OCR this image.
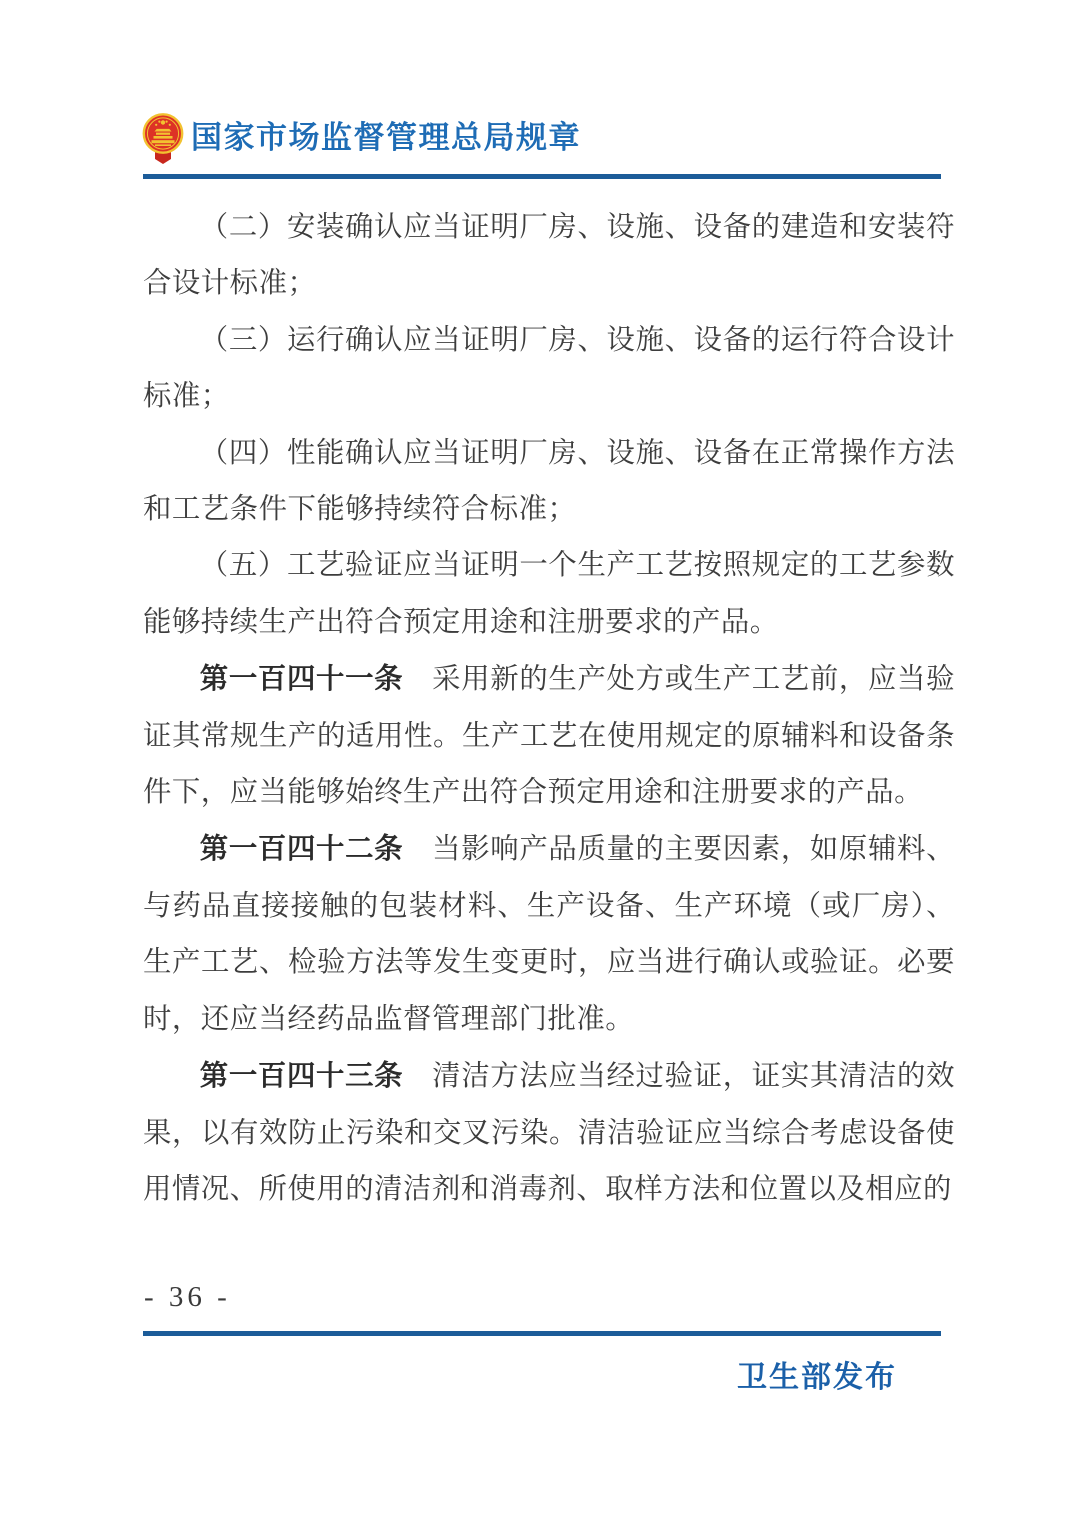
国家市场监督管理总局规章

（二）安装确认应当证明厂房、设施、设备的建造和安装符合设计标准；

（三）运行确认应当证明厂房、设施、设备的运行符合设计标准；

（四）性能确认应当证明厂房、设施、设备在正常操作方法和工艺条件下能够持续符合标准；

（五）工艺验证应当证明一个生产工艺按照规定的工艺参数能够持续生产出符合预定用途和注册要求的产品。

第一百四十一条 采用新的生产处方或生产工艺前，应当验证其常规生产的适用性。生产工艺在使用规定的原辅料和设备条件下，应当能够始终生产出符合预定用途和注册要求的产品。

第一百四十二条 当影响产品质量的主要因素，如原辅料、与药品直接接触的包装材料、生产设备、生产环境（或厂房）、生产工艺、检验方法等发生变更时，应当进行确认或验证。必要时，还应当经药品监督管理部门批准。

第一百四十三条 清洁方法应当经过验证，证实其清洁的效果，以有效防止污染和交叉污染。清洁验证应当综合考虑设备使用情况、所使用的清洁剂和消毒剂、取样方法和位置以及相应的

- 36 -
卫生部发布
